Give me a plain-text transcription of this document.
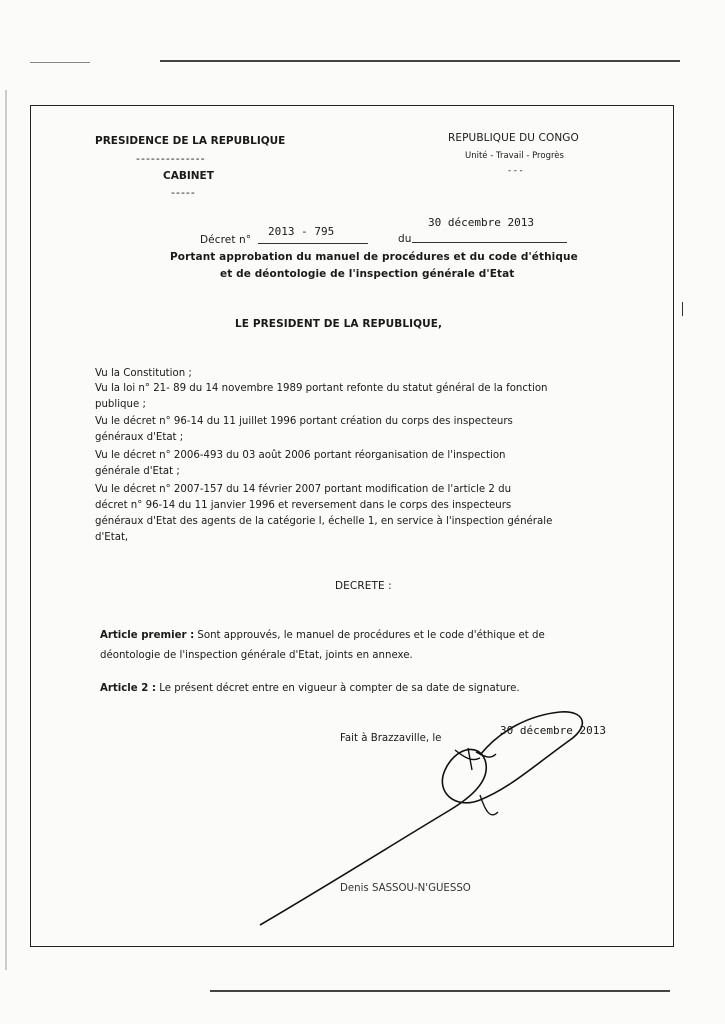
PRESIDENCE DE LA REPUBLIQUE
--------------
CABINET
-----
REPUBLIQUE DU CONGO
Unité - Travail - Progrès
- - -
Décret n°
2013 - 795
du
30 décembre 2013
Portant approbation du manuel de procédures et du code d'éthique
et de déontologie de l'inspection générale d'Etat
LE PRESIDENT DE LA REPUBLIQUE,
Vu la Constitution ;
Vu la loi n° 21- 89 du 14 novembre 1989 portant refonte du statut général de la fonction
publique ;
Vu le décret n° 96-14 du 11 juillet 1996 portant création du corps des inspecteurs
généraux d'Etat ;
Vu le décret n° 2006-493 du 03 août 2006 portant réorganisation de l'inspection
générale d'Etat ;
Vu le décret n° 2007-157 du 14 février 2007 portant modification de l'article 2 du
décret n° 96-14 du 11 janvier 1996 et reversement dans le corps des inspecteurs
généraux d'Etat des agents de la catégorie I, échelle 1, en service à l'inspection générale
d'Etat,
DECRETE :
Article premier : Sont approuvés, le manuel de procédures et le code d'éthique et de
déontologie de l'inspection générale d'Etat, joints en annexe.
Article 2 : Le présent décret entre en vigueur à compter de sa date de signature.
Fait à Brazzaville, le
30 décembre 2013
Denis SASSOU-N'GUESSO
